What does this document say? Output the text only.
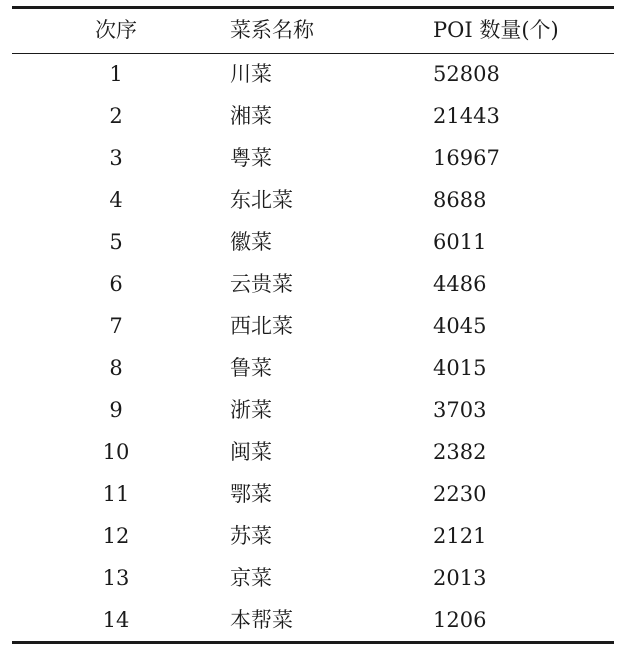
次序	菜系名称	POI 数量(个)
1	川菜	52808
2	湘菜	21443
3	粤菜	16967
4	东北菜	8688
5	徽菜	6011
6	云贵菜	4486
7	西北菜	4045
8	鲁菜	4015
9	浙菜	3703
10	闽菜	2382
11	鄂菜	2230
12	苏菜	2121
13	京菜	2013
14	本帮菜	1206
